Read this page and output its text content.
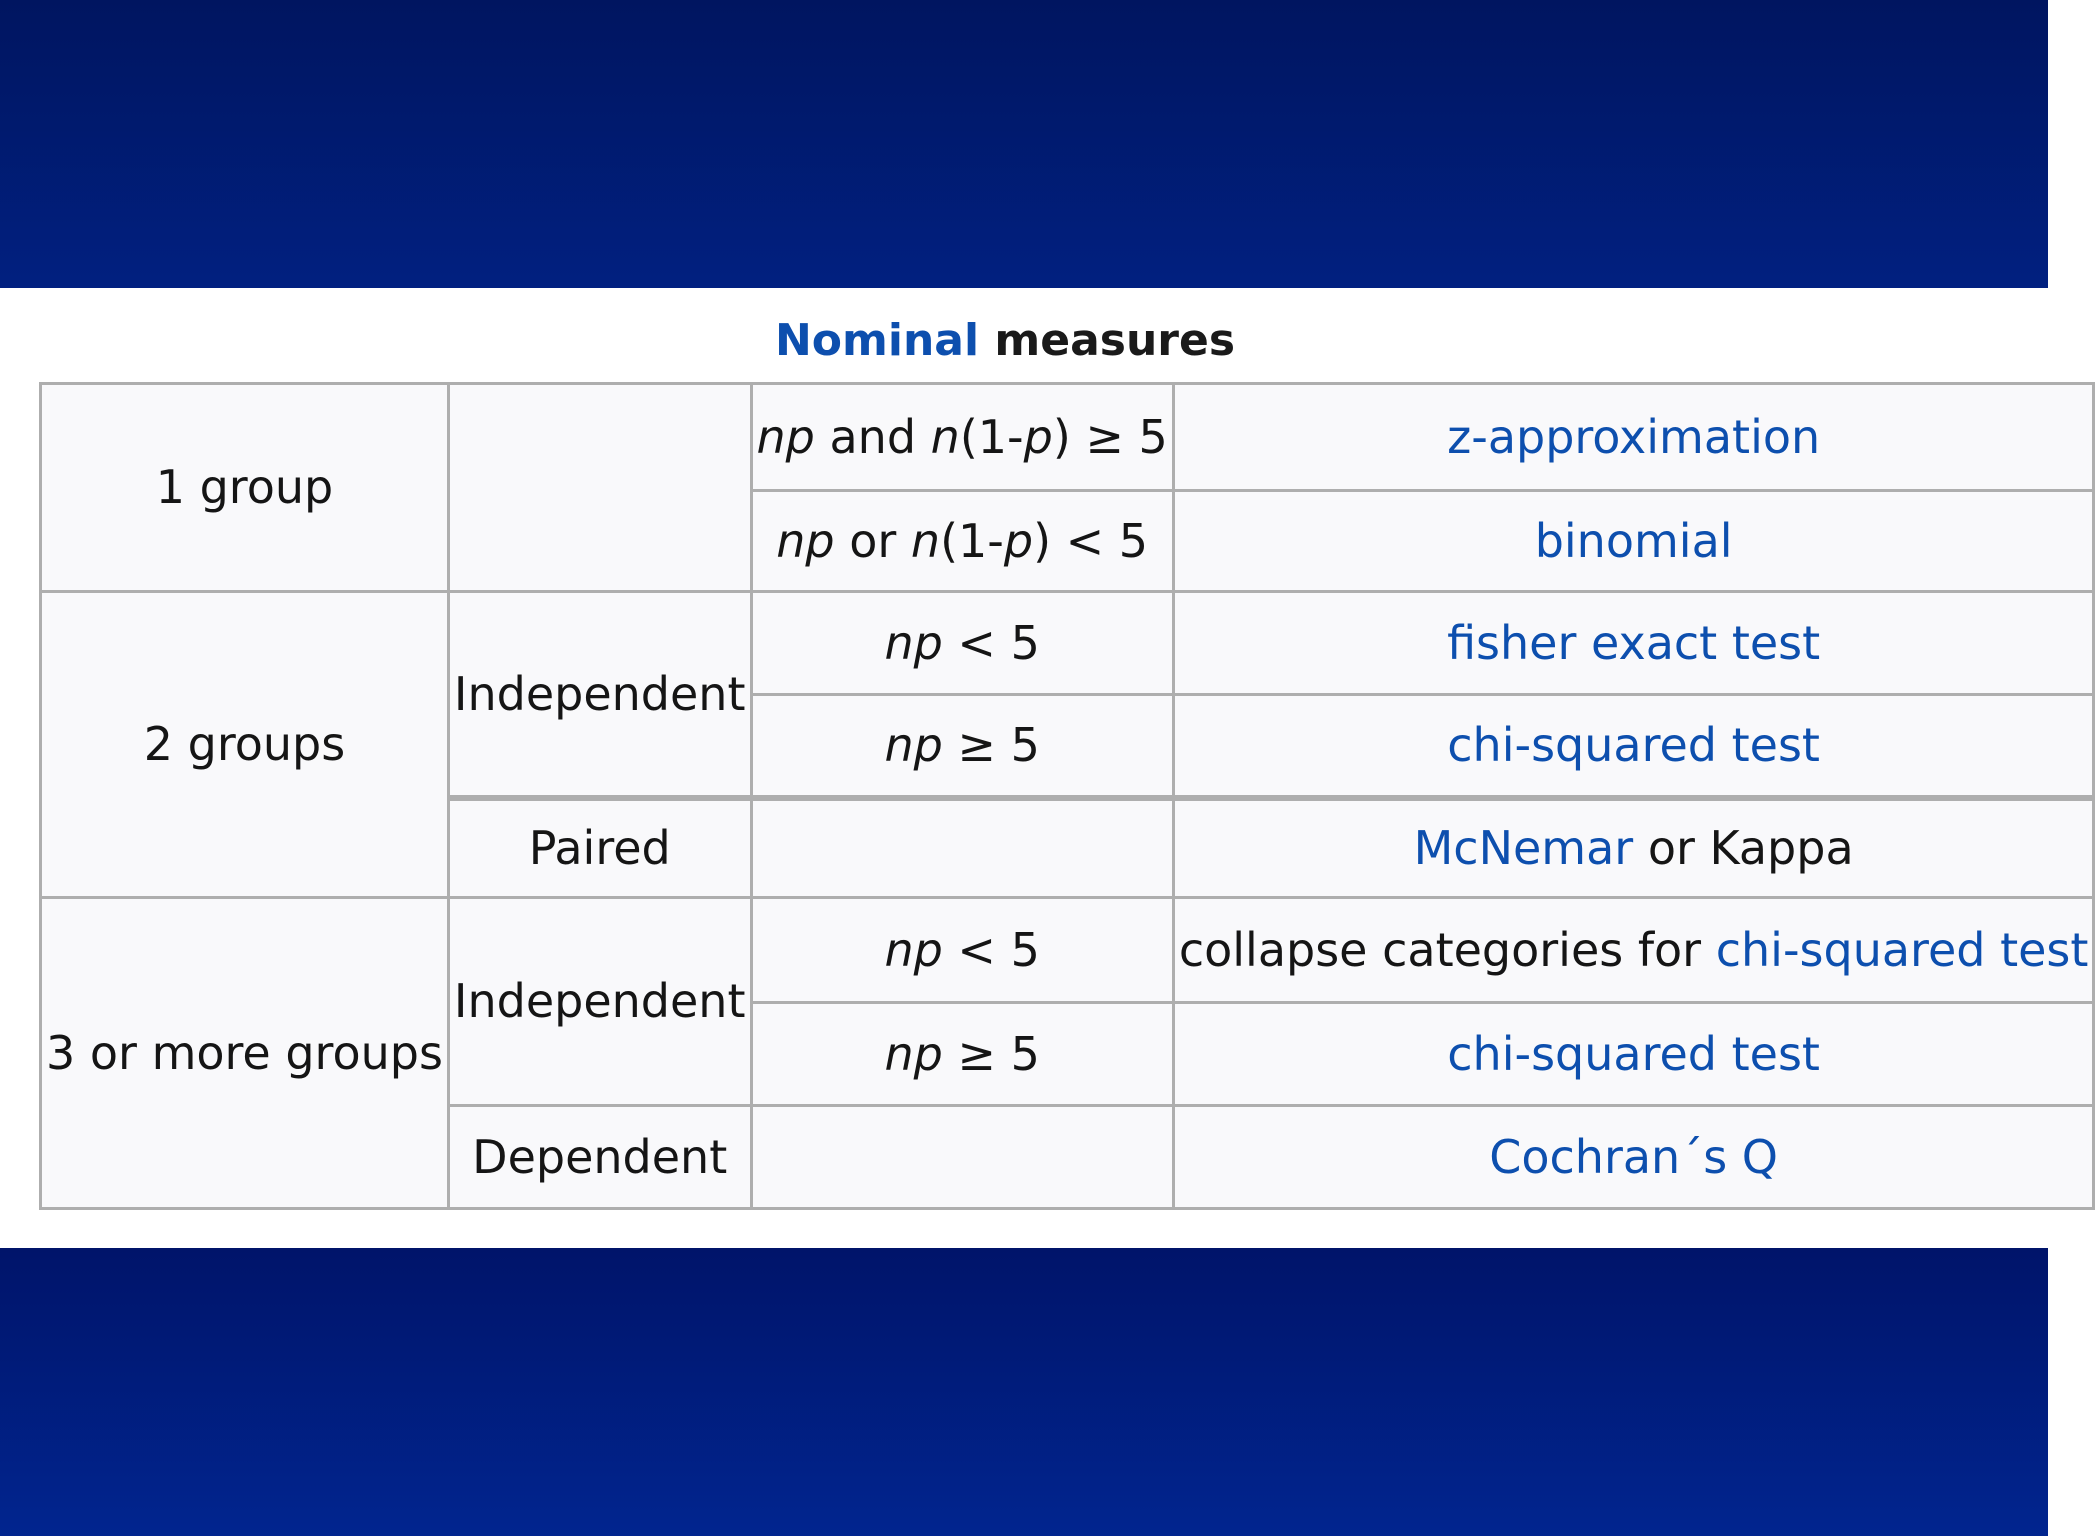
Nominal measures
1 group		np and n(1-p) ≥ 5	z-approximation
		np or n(1-p) < 5	binomial
2 groups	Independent	np < 5	fisher exact test
		np ≥ 5	chi-squared test
	Paired		McNemar or Kappa
3 or more groups	Independent	np < 5	collapse categories for chi-squared test
		np ≥ 5	chi-squared test
	Dependent		Cochran´s Q
